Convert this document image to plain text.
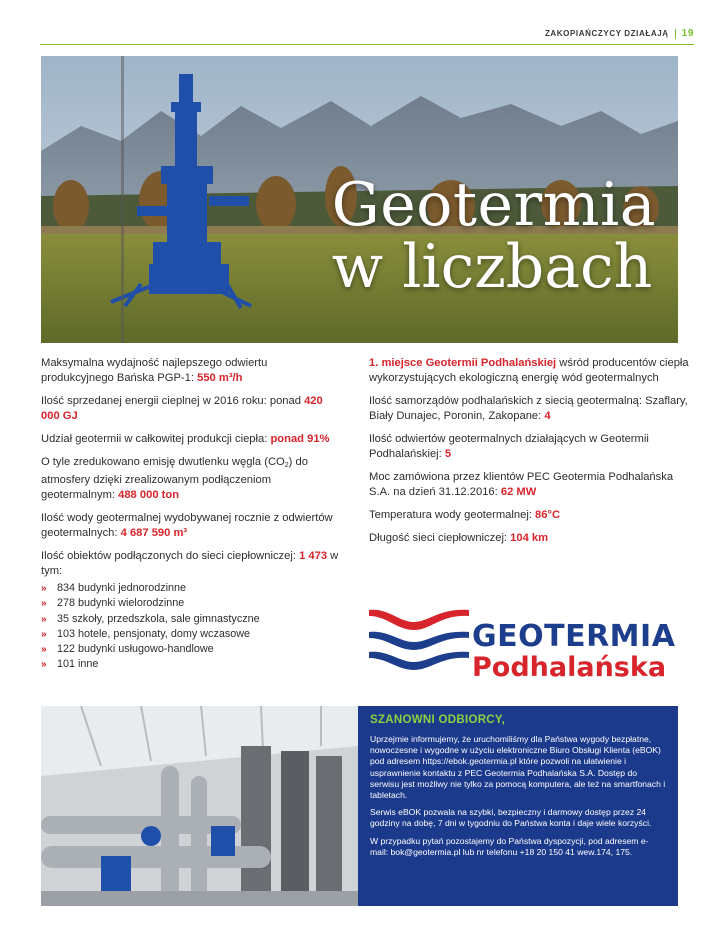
ZAKOPIAŃCZYCY DZIAŁAJĄ 19
Geotermia
w liczbach

Maksymalna wydajność najlepszego odwiertu produkcyjnego Bańska PGP-1: 550 m³/h

Ilość sprzedanej energii cieplnej w 2016 roku: ponad 420 000 GJ

Udział geotermii w całkowitej produkcji ciepła: ponad 91%

O tyle zredukowano emisję dwutlenku węgla $(CO_2)$ do atmosfery dzięki zrealizowanym podłączeniom geotermalnym: 488 000 ton

Ilość wody geotermalnej wydobywanej rocznie z odwiertów geotermalnych: 4 687 590 m³

Ilość obiektów podłączonych do sieci ciepłowniczej: 1 473 w tym:

» 834 budynki jednorodzinne
» 278 budynki wielorodzinne
» 35 szkoły, przedszkola, sale gimnastyczne
» 103 hotele, pensjonaty, domy wczasowe
» 122 budynki usługowo-handlowe
» 101 inne

1. miejsce Geotermii Podhalańskiej wśród producentów ciepła wykorzystujących ekologiczną energię wód geotermalnych

Ilość samorządów podhalańskich z siecią geotermalną: Szaflary, Biały Dunajec, Poronin, Zakopane: 4

Ilość odwiertów geotermalnych działających w Geotermii Podhalańskiej: 5

Moc zamówiona przez klientów PEC Geotermia Podhalańska S.A. na dzień 31.12.2016: 62 MW

Temperatura wody geotermalnej: 86°C

Długość sieci ciepłowniczej: 104 km

GEOTERMIA
Podhalańska
SZANOWNI ODBIORCY,

Uprzejmie informujemy, że uruchomiliśmy dla Państwa wygody bezpłatne, nowoczesne i wygodne w użyciu elektroniczne Biuro Obsługi Klienta (eBOK) pod adresem https://ebok.geotermia.pl które pozwoli na ułatwienie i usprawnienie kontaktu z PEC Geotermia Podhalańska S.A. Dostęp do serwisu jest możliwy nie tylko za pomocą komputera, ale też na smartfonach i tabletach.

Serwis eBOK pozwala na szybki, bezpieczny i darmowy dostęp przez 24 godziny na dobę, 7 dni w tygodniu do Państwa konta i daje wiele korzyści.

W przypadku pytań pozostajemy do Państwa dyspozycji, pod adresem e-mail: bok@geotermia.pl lub nr telefonu +18 20 150 41 wew.174, 175.
